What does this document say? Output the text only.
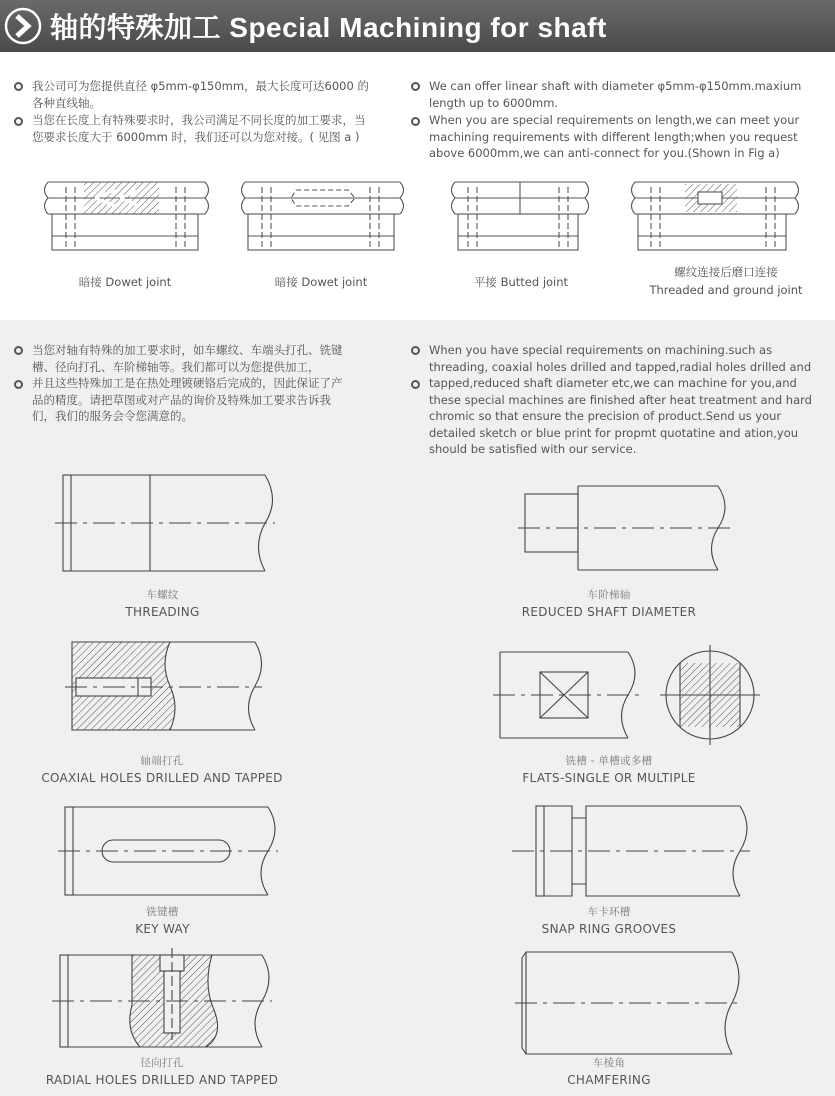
轴的特殊加工 Special Machining for shaft
我公司可为您提供直径 φ5mm-φ150mm，最大长度可达6000 的各种直线轴。
当您在长度上有特殊要求时，我公司满足不同长度的加工要求，当您要求长度大于 6000mm 时，我们还可以为您对接。( 见图 a )
We can offer linear shaft with diameter φ5mm-φ150mm.maxium length up to 6000mm.
When you are special requirements on length,we can meet your machining requirements with different length;when you request above 6000mm,we can anti-connect for you.(Shown in Fig a)
暗接 Dowet joint	暗接 Dowet joint	平接 Butted joint
螺纹连接后磨口连接
Threaded and ground joint
当您对轴有特殊的加工要求时，如车螺纹、车端头打孔、铣键槽、径向打孔、车阶梯轴等。我们都可以为您提供加工，
并且这些特殊加工是在热处理镀硬铬后完成的，因此保证了产品的精度。请把草图或对产品的询价及特殊加工要求告诉我们，我们的服务会令您满意的。
When you have special requirements on machining.such as threading, coaxial holes drilled and tapped,radial holes drilled and
tapped,reduced shaft diameter etc,we can machine for you,and these special machines are finished after heat treatment and hard chromic so that ensure the precision of product.Send us your detailed sketch or blue print for propmt quotatine and ation,you should be satisfied with our service.
车螺纹
THREADING
车阶梯轴
REDUCED SHAFT DIAMETER
轴端打孔
COAXIAL HOLES DRILLED AND TAPPED
铣槽 - 单槽或多槽
FLATS-SINGLE OR MULTIPLE
铣键槽
KEY WAY
车卡环槽
SNAP RING GROOVES
径向打孔
RADIAL HOLES DRILLED AND TAPPED
车棱角
CHAMFERING
